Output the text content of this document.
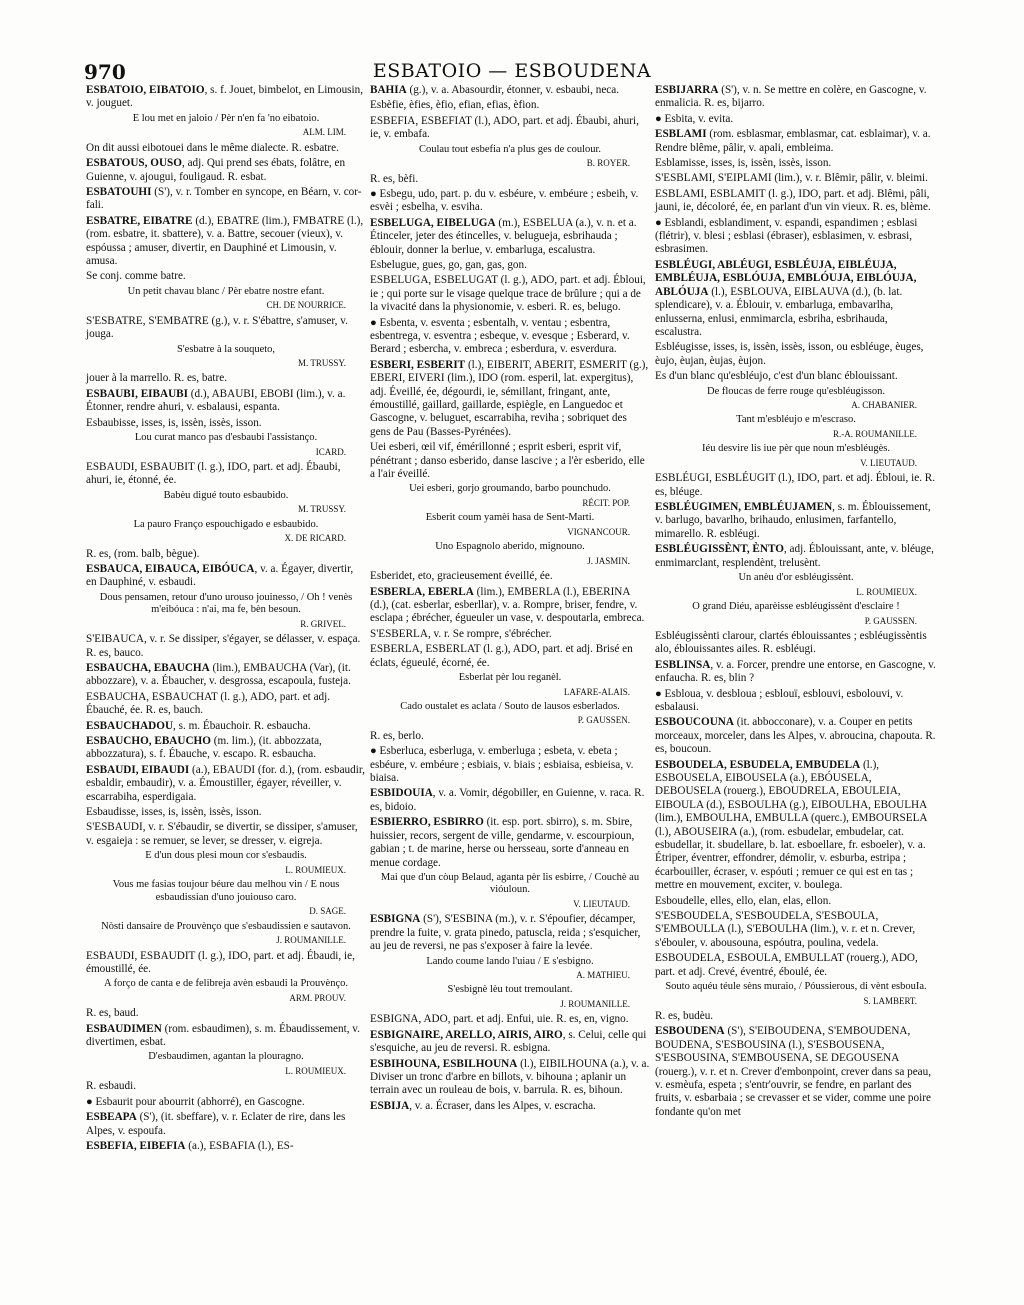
970	ESBATOIO — ESBOUDENA
ESBATOIO, EIBATOIO, s. f. Jouet, bimbelot, en Limousin, v. jouguet.
E lou met en jaloio / Pèr n'en fa 'no eibatoio.
ALM. LIM.
On dit aussi eibotouei dans le même dialecte. R. esbatre.
ESBATOUS, OUSO, adj. Qui prend ses ébats, folâtre, en Guienne, v. ajougui, fouligaud. R. esbat.
ESBATOUHI (S'), v. r. Tomber en syncope, en Béarn, v. cor-fali.
ESBATRE, EIBATRE (d.), EBATRE (lim.), FMBATRE (l.), (rom. esbatre, it. sbattere), v. a. Battre, secouer (vieux), v. espóussa ; amuser, divertir, en Dauphiné et Limousin, v. amusa.
Se conj. comme batre.
Un petit chavau blanc / Pèr ebatre nostre efant.
CH. DE NOURRICE.
S'ESBATRE, S'EMBATRE (g.), v. r. S'ébattre, s'amuser, v. jouga.
S'esbatre à la souqueto,
M. TRUSSY.
jouer à la marrello. R. es, batre.
ESBAUBI, EIBAUBI (d.), ABAUBI, EBOBI (lim.), v. a. Étonner, rendre ahuri, v. esbalausi, espanta.
Esbaubisse, isses, is, issèn, issès, isson.
Lou curat manco pas d'esbaubi l'assistanço.
ICARD.
ESBAUDI, ESBAUBIT (l. g.), IDO, part. et adj. Ébaubi, ahuri, ie, étonné, ée.
Babèu digué touto esbaubido.
M. TRUSSY.
La pauro Franço espouchigado e esbaubido.
X. DE RICARD.
R. es, (rom. balb, bègue).
ESBAUCA, EIBAUCA, EIBÓUCA, v. a. Égayer, divertir, en Dauphiné, v. esbaudi.
Dous pensamen, retour d'uno urouso jouinesso, / Oh ! venès m'eibóuca : n'ai, ma fe, bèn besoun.
R. GRIVEL.
S'EIBAUCA, v. r. Se dissiper, s'égayer, se délasser, v. espaça. R. es, bauco.
ESBAUCHA, EBAUCHA (lim.), EMBAUCHA (Var), (it. abbozzare), v. a. Ébaucher, v. desgrossa, escapoula, fusteja.
ESBAUCHA, ESBAUCHAT (l. g.), ADO, part. et adj. Ébauché, ée. R. es, bauch.
ESBAUCHADOU, s. m. Ébauchoir. R. esbaucha.
ESBAUCHO, EBAUCHO (m. lim.), (it. abbozzata, abbozzatura), s. f. Ébauche, v. escapo. R. esbaucha.
ESBAUDI, EIBAUDI (a.), EBAUDI (for. d.), (rom. esbaudir, esbaldir, embaudir), v. a. Émoustiller, égayer, réveiller, v. escarrabiha, esperdigaia.
Esbaudisse, isses, is, issèn, issès, isson.
S'ESBAUDI, v. r. S'ébaudir, se divertir, se dissiper, s'amuser, v. esgaieja : se remuer, se lever, se dresser, v. eigreja.
E d'un dous plesi moun cor s'esbaudis.
L. ROUMIEUX.
Vous me fasias toujour béure dau melhou vin / E nous esbaudissian d'uno jouiouso caro.
D. SAGE.
Nòsti dansaire de Prouvènço que s'esbaudissien e sautavon.
J. ROUMANILLE.
ESBAUDI, ESBAUDIT (l. g.), IDO, part. et adj. Ébaudi, ie, émoustillé, ée.
A forço de canta e de felibreja avèn esbaudi la Prouvènço.
ARM. PROUV.
R. es, baud.
ESBAUDIMEN (rom. esbaudimen), s. m. Ébaudissement, v. divertimen, esbat.
D'esbaudimen, agantan la plouragno.
L. ROUMIEUX.
R. esbaudi.
● Esbaurit pour abourrit (abhorré), en Gascogne.
ESBEAPA (S'), (it. sbeffare), v. r. Eclater de rire, dans les Alpes, v. espoufa.
ESBEFIA, EIBEFIA (a.), ESBAFIA (l.), ES-
BAHIA (g.), v. a. Abasourdir, étonner, v. esbaubi, neca.
Esbèfie, èfies, èfio, efian, efias, èfion.
ESBEFIA, ESBEFIAT (l.), ADO, part. et adj. Ébaubi, ahuri, ie, v. embafa.
Coulau tout esbefia n'a plus ges de coulour.
B. ROYER.
R. es, bèfi.
● Esbegu, udo, part. p. du v. esbéure, v. embéure ; esbeih, v. esvèi ; esbelha, v. esviha.
ESBELUGA, EIBELUGA (m.), ESBELUA (a.), v. n. et a. Étinceler, jeter des étincelles, v. belugueja, esbrihaudа ; éblouir, donner la berlue, v. embarluga, escalustra.
Esbelugue, gues, go, gan, gas, gon.
ESBELUGA, ESBELUGAT (l. g.), ADO, part. et adj. Ébloui, ie ; qui porte sur le visage quelque trace de brûlure ; qui a de la vivacité dans la physionomie, v. esberi. R. es, belugo.
● Esbenta, v. esventa ; esbentalh, v. ventau ; esbentra, esbentrega, v. esventra ; esbeque, v. evesque ; Esberard, v. Berard ; esbercha, v. embreca ; esberdura, v. esverdura.
ESBERI, ESBERIT (l.), EIBERIT, ABERIT, ESMERIT (g.), EBERI, EIVERI (lim.), IDO (rom. esperil, lat. expergitus), adj. Éveillé, ée, dégourdi, ie, sémillant, fringant, ante, émoustillé, gaillard, gaillarde, espiègle, en Languedoc et Gascogne, v. beluguet, escarrabiha, reviha ; sobriquet des gens de Pau (Basses-Pyrénées).
Uei esberi, œil vif, émérillonné ; esprit esberi, esprit vif, pénétrant ; danso esberido, danse lascive ; a l'èr esberido, elle a l'air éveillé.
Uei esberi, gorjo groumando, barbo pounchudo.
RÉCIT. POP.
Esberit coum yamèi hasa de Sent-Marti.
VIGNANCOUR.
Uno Espagnolo aberido, mignouno.
J. JASMIN.
Esberidet, eto, gracieusement éveillé, ée.
ESBERLA, EBERLA (lim.), EMBERLA (l.), EBERINA (d.), (cat. esberlar, esberllar), v. a. Rompre, briser, fendre, v. esclapa ; ébrécher, égueuler un vase, v. despoutarla, embreca.
S'ESBERLA, v. r. Se rompre, s'ébrécher.
ESBERLA, ESBERLAT (l. g.), ADO, part. et adj. Brisé en éclats, égueulé, écorné, ée.
Esberlat pèr lou reganèl.
LAFARE-ALAIS.
Cado oustalet es aclata / Souto de lausos esberlados.
P. GAUSSEN.
R. es, berlo.
● Esberluca, esberluga, v. emberluga ; esbeta, v. ebeta ; esbéure, v. embéure ; esbiais, v. biais ; esbiaisa, esbieisa, v. biaisa.
ESBIDOUIA, v. a. Vomir, dégobiller, en Guienne, v. raca. R. es, bidoio.
ESBIERRO, ESBIRRO (it. esp. port. sbirro), s. m. Sbire, huissier, recors, sergent de ville, gendarme, v. escourpioun, gabian ; t. de marine, herse ou hersseau, sorte d'anneau en menue cordage.
Mai que d'un còup Belaud, aganta pèr lis esbirre, / Couchè au vióuloun.
V. LIEUTAUD.
ESBIGNA (S'), S'ESBINA (m.), v. r. S'époufier, décamper, prendre la fuite, v. grata pinedo, patuscla, reida ; s'esquicher, au jeu de reversi, ne pas s'exposer à faire la levée.
Lando coume lando l'uiau / E s'esbigno.
A. MATHIEU.
S'esbignè lèu tout tremoulant.
J. ROUMANILLE.
ESBIGNA, ADO, part. et adj. Enfui, uie. R. es, en, vigno.
ESBIGNAIRE, ARELLO, AIRIS, AIRO, s. Celui, celle qui s'esquiche, au jeu de reversi. R. esbigna.
ESBIHOUNA, ESBILHOUNA (l.), EIBILHOUNA (a.), v. a. Diviser un tronc d'arbre en billots, v. bihouna ; aplanir un terrain avec un rouleau de bois, v. barrula. R. es, bihoun.
ESBIJA, v. a. Écraser, dans les Alpes, v. escracha.
ESBIJARRA (S'), v. n. Se mettre en colère, en Gascogne, v. enmalicia. R. es, bijarro.
● Esbita, v. evita.
ESBLAMI (rom. esblasmar, emblasmar, cat. esblaimar), v. a. Rendre blême, pâlir, v. apali, embleima.
Esblamisse, isses, is, issèn, issès, isson.
S'ESBLAMI, S'EIPLAMI (lim.), v. r. Blêmir, pâlir, v. bleimi.
ESBLAMI, ESBLAMIT (l. g.), IDO, part. et adj. Blêmi, pâli, jauni, ie, décoloré, ée, en parlant d'un vin vieux. R. es, blème.
● Esblandi, esblandiment, v. espandi, espandimen ; esblasi (flétrir), v. blesi ; esblasi (ébraser), esblasimen, v. esbrasi, esbrasimen.
ESBLÉUGI, ABLÉUGI, ESBLÉUJA, EIBLÉUJA, EMBLÉUJA, ESBLÓUJA, EMBLÓUJA, EIBLÓUJA, ABLÓUJA (l.), ESBLOUVA, EIBLAUVA (d.), (b. lat. splendicare), v. a. Éblouir, v. embarluga, embavarlha, enlusserna, enlusi, enmimarcla, esbriha, esbrihauda, escalustra.
Esbléugisse, isses, is, issèn, issès, isson, ou esbléuge, èuges, èujo, èujan, èujas, èujon.
Es d'un blanc qu'esbléujo, c'est d'un blanc éblouissant.
De floucas de ferre rouge qu'esbléugisson.
A. CHABANIER.
Tant m'esbléujo e m'escraso.
R.-A. ROUMANILLE.
Iéu desvire lis iue pèr que noun m'esbléugès.
V. LIEUTAUD.
ESBLÉUGI, ESBLÉUGIT (l.), IDO, part. et adj. Ébloui, ie. R. es, bléuge.
ESBLÉUGIMEN, EMBLÉUJAMEN, s. m. Éblouissement, v. barlugo, bavarlho, brihaudo, enlusimen, farfantello, mimarello. R. esbléugi.
ESBLÉUGISSÈNT, ÈNTO, adj. Éblouissant, ante, v. bléuge, enmimarclant, resplendènt, trelusènt.
Un anèu d'or esbléugissènt.
L. ROUMIEUX.
O grand Diéu, aparèisse esbléugissènt d'esclaire !
P. GAUSSEN.
Esbléugissènti clarour, clartés éblouissantes ; esbléugissèntis alo, éblouissantes ailes. R. esbléugi.
ESBLINSA, v. a. Forcer, prendre une entorse, en Gascogne, v. enfaucha. R. es, blin ?
● Esbloua, v. desbloua ; esblouï, esblouvi, esbolouvi, v. esbalausi.
ESBOUCOUNA (it. abbocconare), v. a. Couper en petits morceaux, morceler, dans les Alpes, v. abroucina, chapouta. R. es, boucoun.
ESBOUDELA, ESBUDELA, EMBUDELA (l.), ESBOUSELA, EIBOUSELA (a.), EBÓUSELA, DEBOUSELA (rouerg.), EBOUDRELA, EBOULEIA, EIBOULA (d.), ESBOULHA (g.), EIBOULHA, EBOULHA (lim.), EMBOULHA, EMBULLA (querc.), EMBOURSELA (l.), ABOUSEIRA (a.), (rom. esbudelar, embudelar, cat. esbudellar, it. sbudellare, b. lat. esboellare, fr. esboeler), v. a. Étriper, éventrer, effondrer, démolir, v. esburba, estripa ; écarbouiller, écraser, v. espóuti ; remuer ce qui est en tas ; mettre en mouvement, exciter, v. boulega.
Esboudelle, elles, ello, elan, elas, ellon.
S'ESBOUDELA, S'ESBOUDELA, S'ESBOULA, S'EMBOULLA (l.), S'EBOULHA (lim.), v. r. et n. Crever, s'ébouler, v. abousouna, espóutra, poulina, vedela.
ESBOUDELA, ESBOULA, EMBULLAT (rouerg.), ADO, part. et adj. Crevé, éventré, éboulé, ée.
Souto aquéu téule sèns muraio, / Póussierous, di vènt esbouIa.
S. LAMBERT.
R. es, budèu.
ESBOUDENA (S'), S'EIBOUDENA, S'EMBOUDENA, BOUDENA, S'ESBOUSINA (l.), S'ESBOUSENA, S'ESBOUSINA, S'EMBOUSENA, SE DEGOUSENA (rouerg.), v. r. et n. Crever d'embonpoint, crever dans sa peau, v. esmèufa, espeta ; s'entr'ouvrir, se fendre, en parlant des fruits, v. esbarbaia ; se crevasser et se vider, comme une poire fondante qu'on met
